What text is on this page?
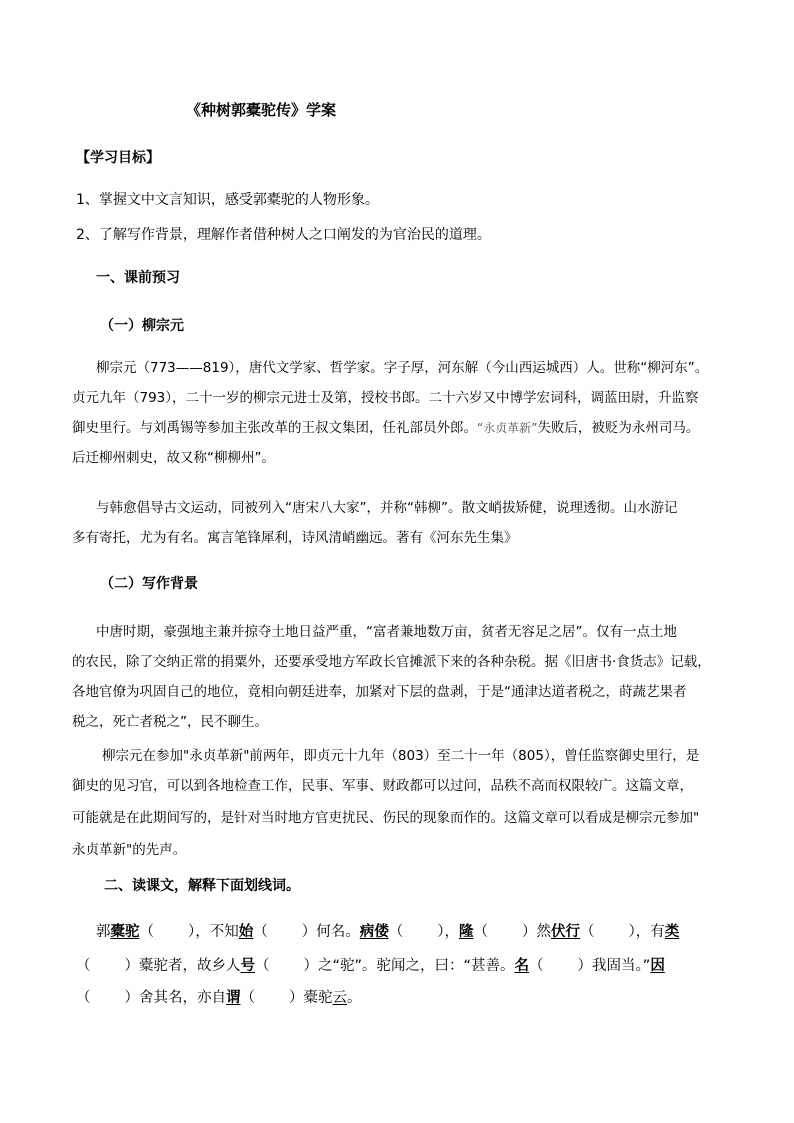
《种树郭橐驼传》学案
【学习目标】
1、掌握文中文言知识，感受郭橐驼的人物形象。
2、了解写作背景，理解作者借种树人之口阐发的为官治民的道理。
一、课前预习
（一）柳宗元
柳宗元（773——819），唐代文学家、哲学家。字子厚，河东解（今山西运城西）人。世称“柳河东”。
贞元九年（793），二十一岁的柳宗元进士及第，授校书郎。二十六岁又中博学宏词科，调蓝田尉，升监察
御史里行。与刘禹锡等参加主张改革的王叔文集团，任礼部员外郎。“永贞革新”失败后，被贬为永州司马。
后迁柳州刺史，故又称“柳柳州”。
与韩愈倡导古文运动，同被列入“唐宋八大家”，并称“韩柳”。散文峭拔矫健，说理透彻。山水游记
多有寄托，尤为有名。寓言笔锋犀利，诗风清峭幽远。著有《河东先生集》
（二）写作背景
中唐时期，豪强地主兼并掠夺土地日益严重，“富者兼地数万亩，贫者无容足之居”。仅有一点土地
的农民，除了交纳正常的捐粟外，还要承受地方军政长官摊派下来的各种杂税。据《旧唐书·食货志》记载，
各地官僚为巩固自己的地位，竟相向朝廷进奉，加紧对下层的盘剥，于是“通津达道者税之，莳蔬艺果者
税之，死亡者税之”，民不聊生。
柳宗元在参加"永贞革新"前两年，即贞元十九年（803）至二十一年（805），曾任监察御史里行，是
御史的见习官，可以到各地检查工作，民事、军事、财政都可以过问，品秩不高而权限较广。这篇文章，
可能就是在此期间写的，是针对当时地方官吏扰民、伤民的现象而作的。这篇文章可以看成是柳宗元参加"
永贞革新"的先声。
二、读课文，解释下面划线词。
郭橐驼（ ），不知始（ ）何名。病偻（ ），隆（ ）然伏行（ ），有类
（ ）橐驼者，故乡人号（ ）之“驼”。驼闻之，曰：“甚善。名（ ）我固当。”因
（ ）舍其名，亦自谓（ ）橐驼云。
